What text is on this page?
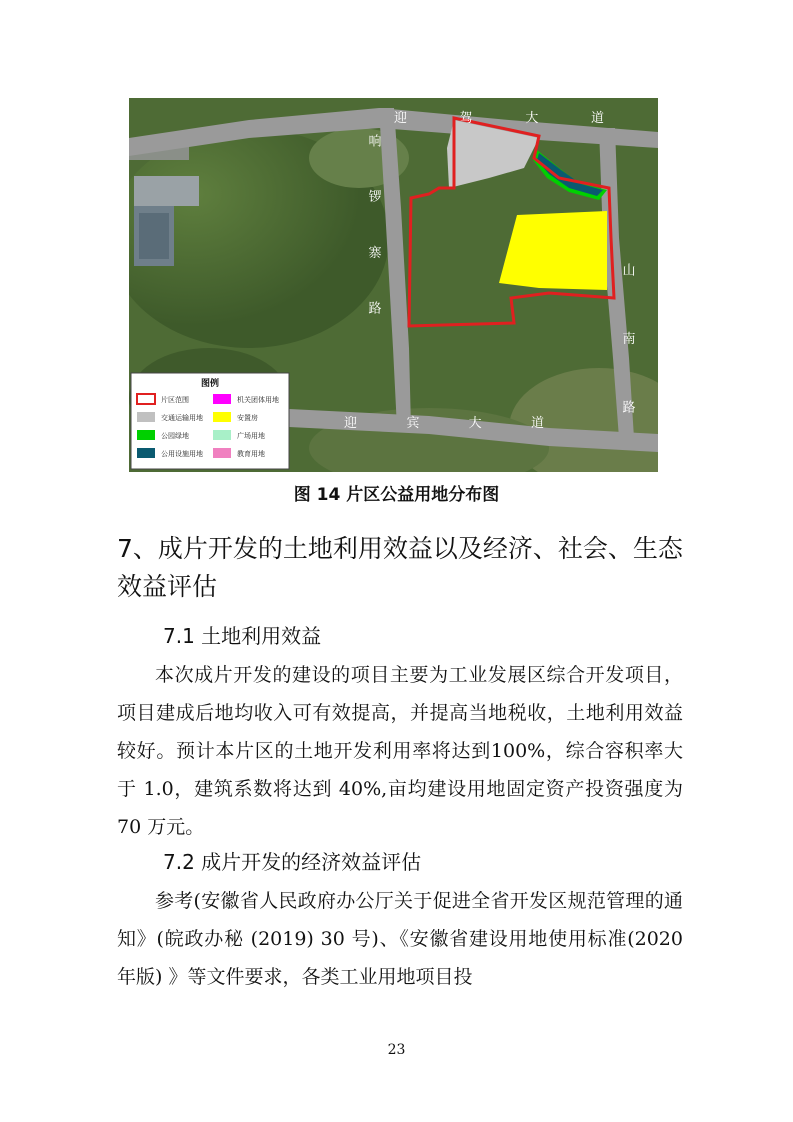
迎 驾 大 道
响 锣 寨 路
山 南 路
迎 宾 大 道
图例
片区范围	机关团体用地
交通运输用地	安置房
公园绿地	广场用地
公用设施用地	教育用地
图 14 片区公益用地分布图
7、成片开发的土地利用效益以及经济、社会、生态
效益评估
7.1 土地利用效益
本次成片开发的建设的项目主要为工业发展区综合开发项目，项目建成后地均收入可有效提高，并提高当地税收，土地利用效益较好。预计本片区的土地开发利用率将达到100%，综合容积率大于 1.0，建筑系数将达到 40%,亩均建设用地固定资产投资强度为 70 万元。
7.2 成片开发的经济效益评估
参考(安徽省人民政府办公厅关于促进全省开发区规范管理的通知》(皖政办秘 (2019) 30 号)、《安徽省建设用地使用标准(2020 年版) 》等文件要求，各类工业用地项目投
23
